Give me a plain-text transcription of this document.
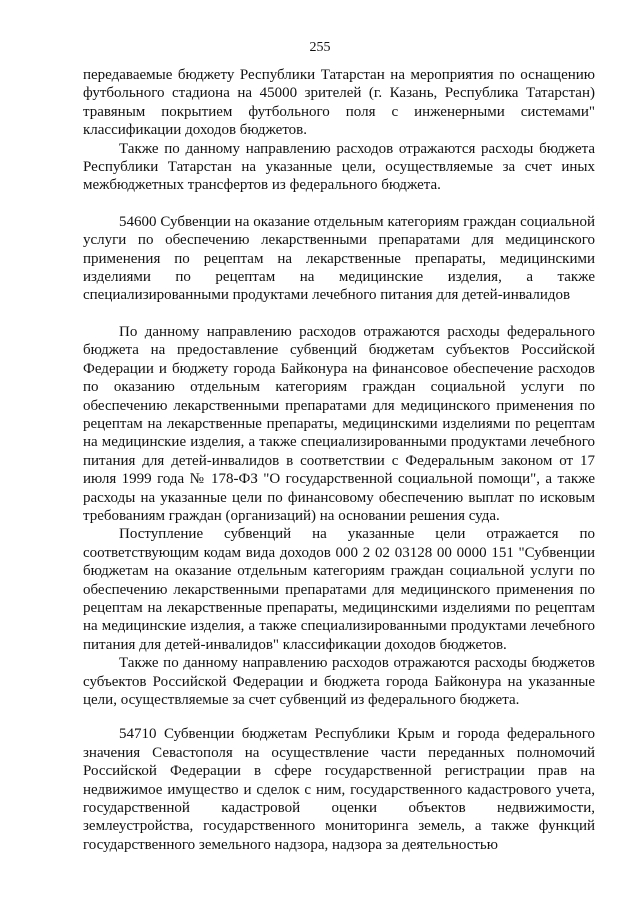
255

передаваемые бюджету Республики Татарстан на мероприятия по оснащению футбольного стадиона на 45000 зрителей (г. Казань, Республика Татарстан) травяным покрытием футбольного поля с инженерными системами" классификации доходов бюджетов.

Также по данному направлению расходов отражаются расходы бюджета Республики Татарстан на указанные цели, осуществляемые за счет иных межбюджетных трансфертов из федерального бюджета.

54600 Субвенции на оказание отдельным категориям граждан социальной услуги по обеспечению лекарственными препаратами для медицинского применения по рецептам на лекарственные препараты, медицинскими изделиями по рецептам на медицинские изделия, а также специализированными продуктами лечебного питания для детей-инвалидов

По данному направлению расходов отражаются расходы федерального бюджета на предоставление субвенций бюджетам субъектов Российской Федерации и бюджету города Байконура на финансовое обеспечение расходов по оказанию отдельным категориям граждан социальной услуги по обеспечению лекарственными препаратами для медицинского применения по рецептам на лекарственные препараты, медицинскими изделиями по рецептам на медицинские изделия, а также специализированными продуктами лечебного питания для детей-инвалидов в соответствии с Федеральным законом от 17 июля 1999 года № 178-ФЗ "О государственной социальной помощи", а также расходы на указанные цели по финансовому обеспечению выплат по исковым требованиям граждан (организаций) на основании решения суда.

Поступление субвенций на указанные цели отражается по соответствующим кодам вида доходов 000 2 02 03128 00 0000 151 "Субвенции бюджетам на оказание отдельным категориям граждан социальной услуги по обеспечению лекарственными препаратами для медицинского применения по рецептам на лекарственные препараты, медицинскими изделиями по рецептам на медицинские изделия, а также специализированными продуктами лечебного питания для детей-инвалидов" классификации доходов бюджетов.

Также по данному направлению расходов отражаются расходы бюджетов субъектов Российской Федерации и бюджета города Байконура на указанные цели, осуществляемые за счет субвенций из федерального бюджета.

54710 Субвенции бюджетам Республики Крым и города федерального значения Севастополя на осуществление части переданных полномочий Российской Федерации в сфере государственной регистрации прав на недвижимое имущество и сделок с ним, государственного кадастрового учета, государственной кадастровой оценки объектов недвижимости, землеустройства, государственного мониторинга земель, а также функций государственного земельного надзора, надзора за деятельностью
